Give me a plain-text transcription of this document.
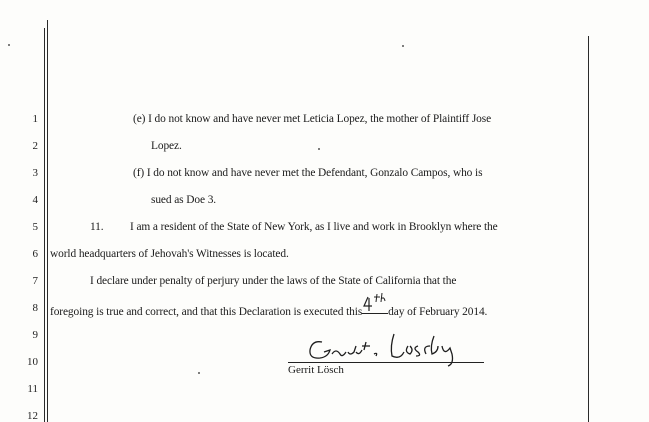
1
2
3
4
5
6
7
8
9
10
11
12
(e) I do not know and have never met Leticia Lopez, the mother of Plaintiff Jose
Lopez.
(f) I do not know and have never met the Defendant, Gonzalo Campos, who is
sued as Doe 3.
11. I am a resident of the State of New York, as I live and work in Brooklyn where the
world headquarters of Jehovah's Witnesses is located.
I declare under penalty of perjury under the laws of the State of California that the
foregoing is true and correct, and that this Declaration is executed this day of February 2014.
Gerrit Lösch
